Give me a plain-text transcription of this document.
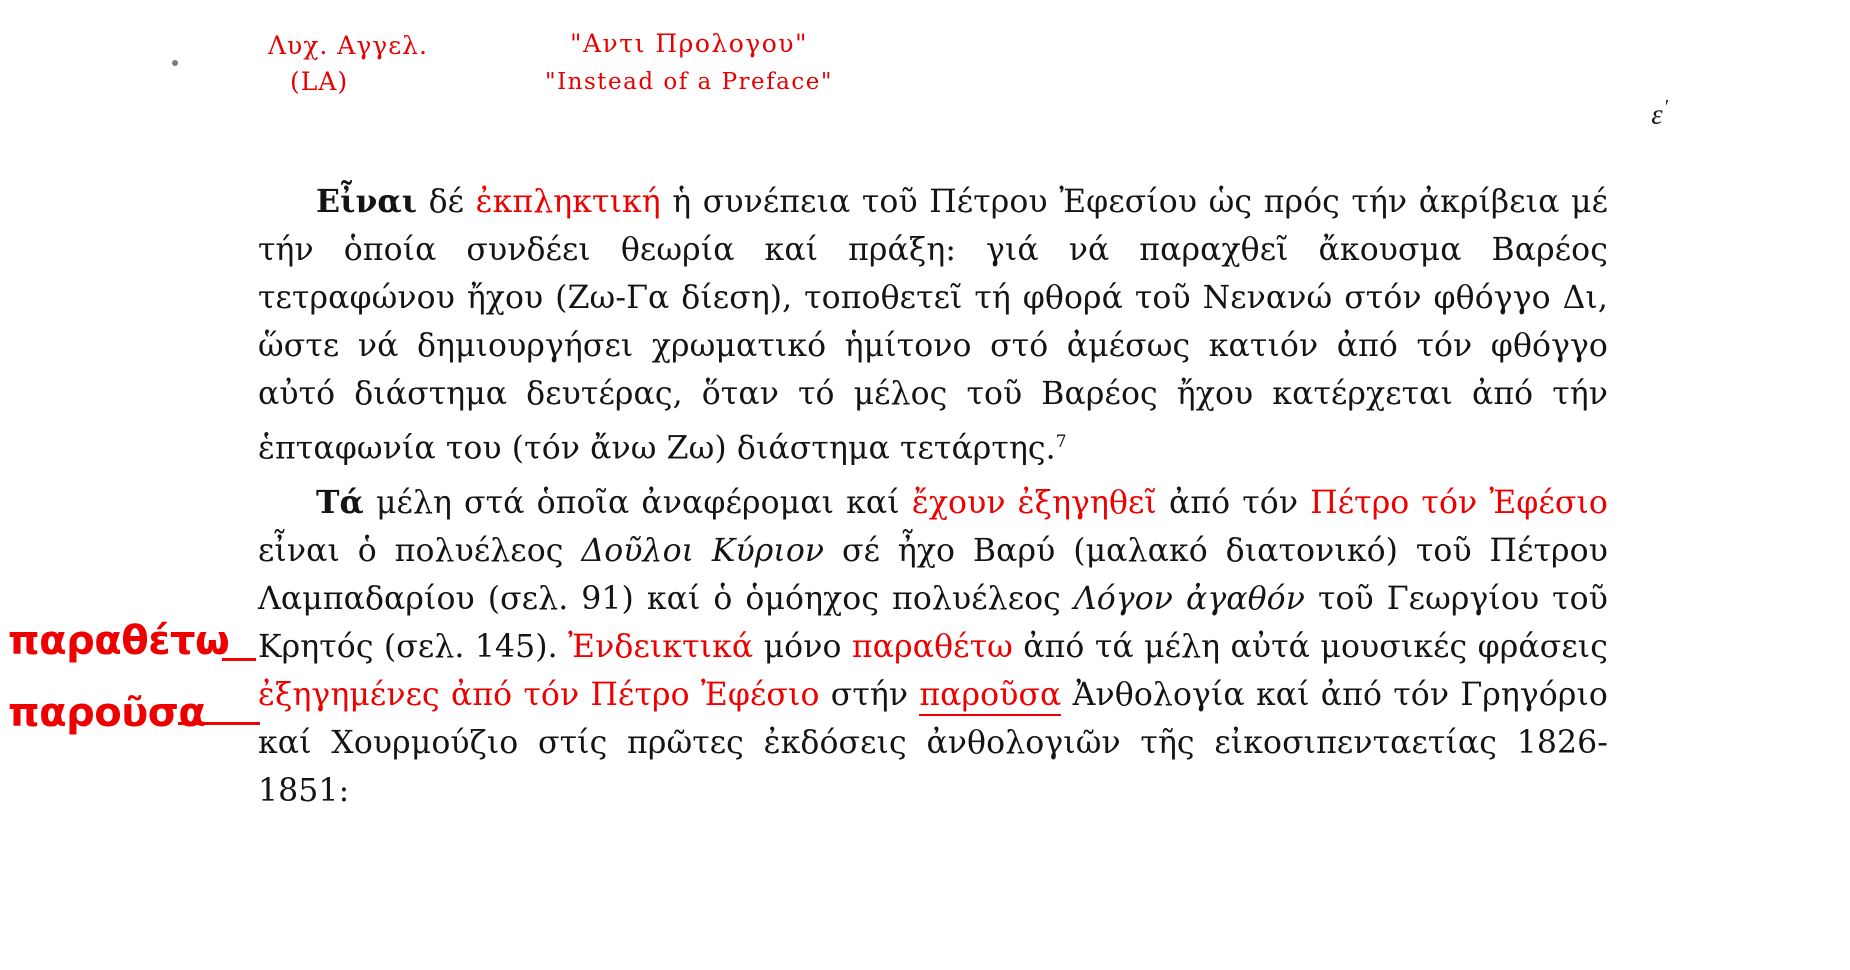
Λυχ. Αγγελ.
(LA)
"Αντι Προλογου"
"Instead of a Preface"
ε′

Εἶναι δέ ἐκπληκτική ἡ συνέπεια τοῦ Πέτρου Ἐφεσίου ὡς πρός τήν ἀκρίβεια μέ τήν ὁποία συνδέει θεωρία καί πράξη: γιά νά παραχθεῖ ἄκουσμα Βαρέος τετραφώνου ἤχου (Ζω-Γα δίεση), τοποθετεῖ τή φθορά τοῦ Νενανώ στόν φθόγγο Δι, ὥστε νά δημιουργήσει χρωματικό ἡμίτονο στό ἀμέσως κατιόν ἀπό τόν φθόγγο αὐτό διάστημα δευτέρας, ὅταν τό μέλος τοῦ Βαρέος ἤχου κατέρχεται ἀπό τήν ἑπταφωνία του (τόν ἄνω Ζω) διάστημα τετάρτης.$^7$

Τά μέλη στά ὁποῖα ἀναφέρομαι καί ἔχουν ἐξηγηθεῖ ἀπό τόν Πέτρο τόν Ἐφέσιο εἶναι ὁ πολυέλεος Δοῦλοι Κύριον σέ ἦχο Βαρύ (μαλακό διατονικό) τοῦ Πέτρου Λαμπαδαρίου (σελ. 91) καί ὁ ὁμόηχος πολυέλεος Λόγον ἀγαθόν τοῦ Γεωργίου τοῦ Κρητός (σελ. 145). Ἐνδεικτικά μόνο παραθέτω ἀπό τά μέλη αὐτά μουσικές φράσεις ἐξηγημένες ἀπό τόν Πέτρο Ἐφέσιο στήν παροῦσα Ἀνθολογία καί ἀπό τόν Γρηγόριο καί Χουρμούζιο στίς πρῶτες ἐκδόσεις ἀνθολογιῶν τῆς εἰκοσιπενταετίας 1826-1851:

παραθέτω
παροῦσα
